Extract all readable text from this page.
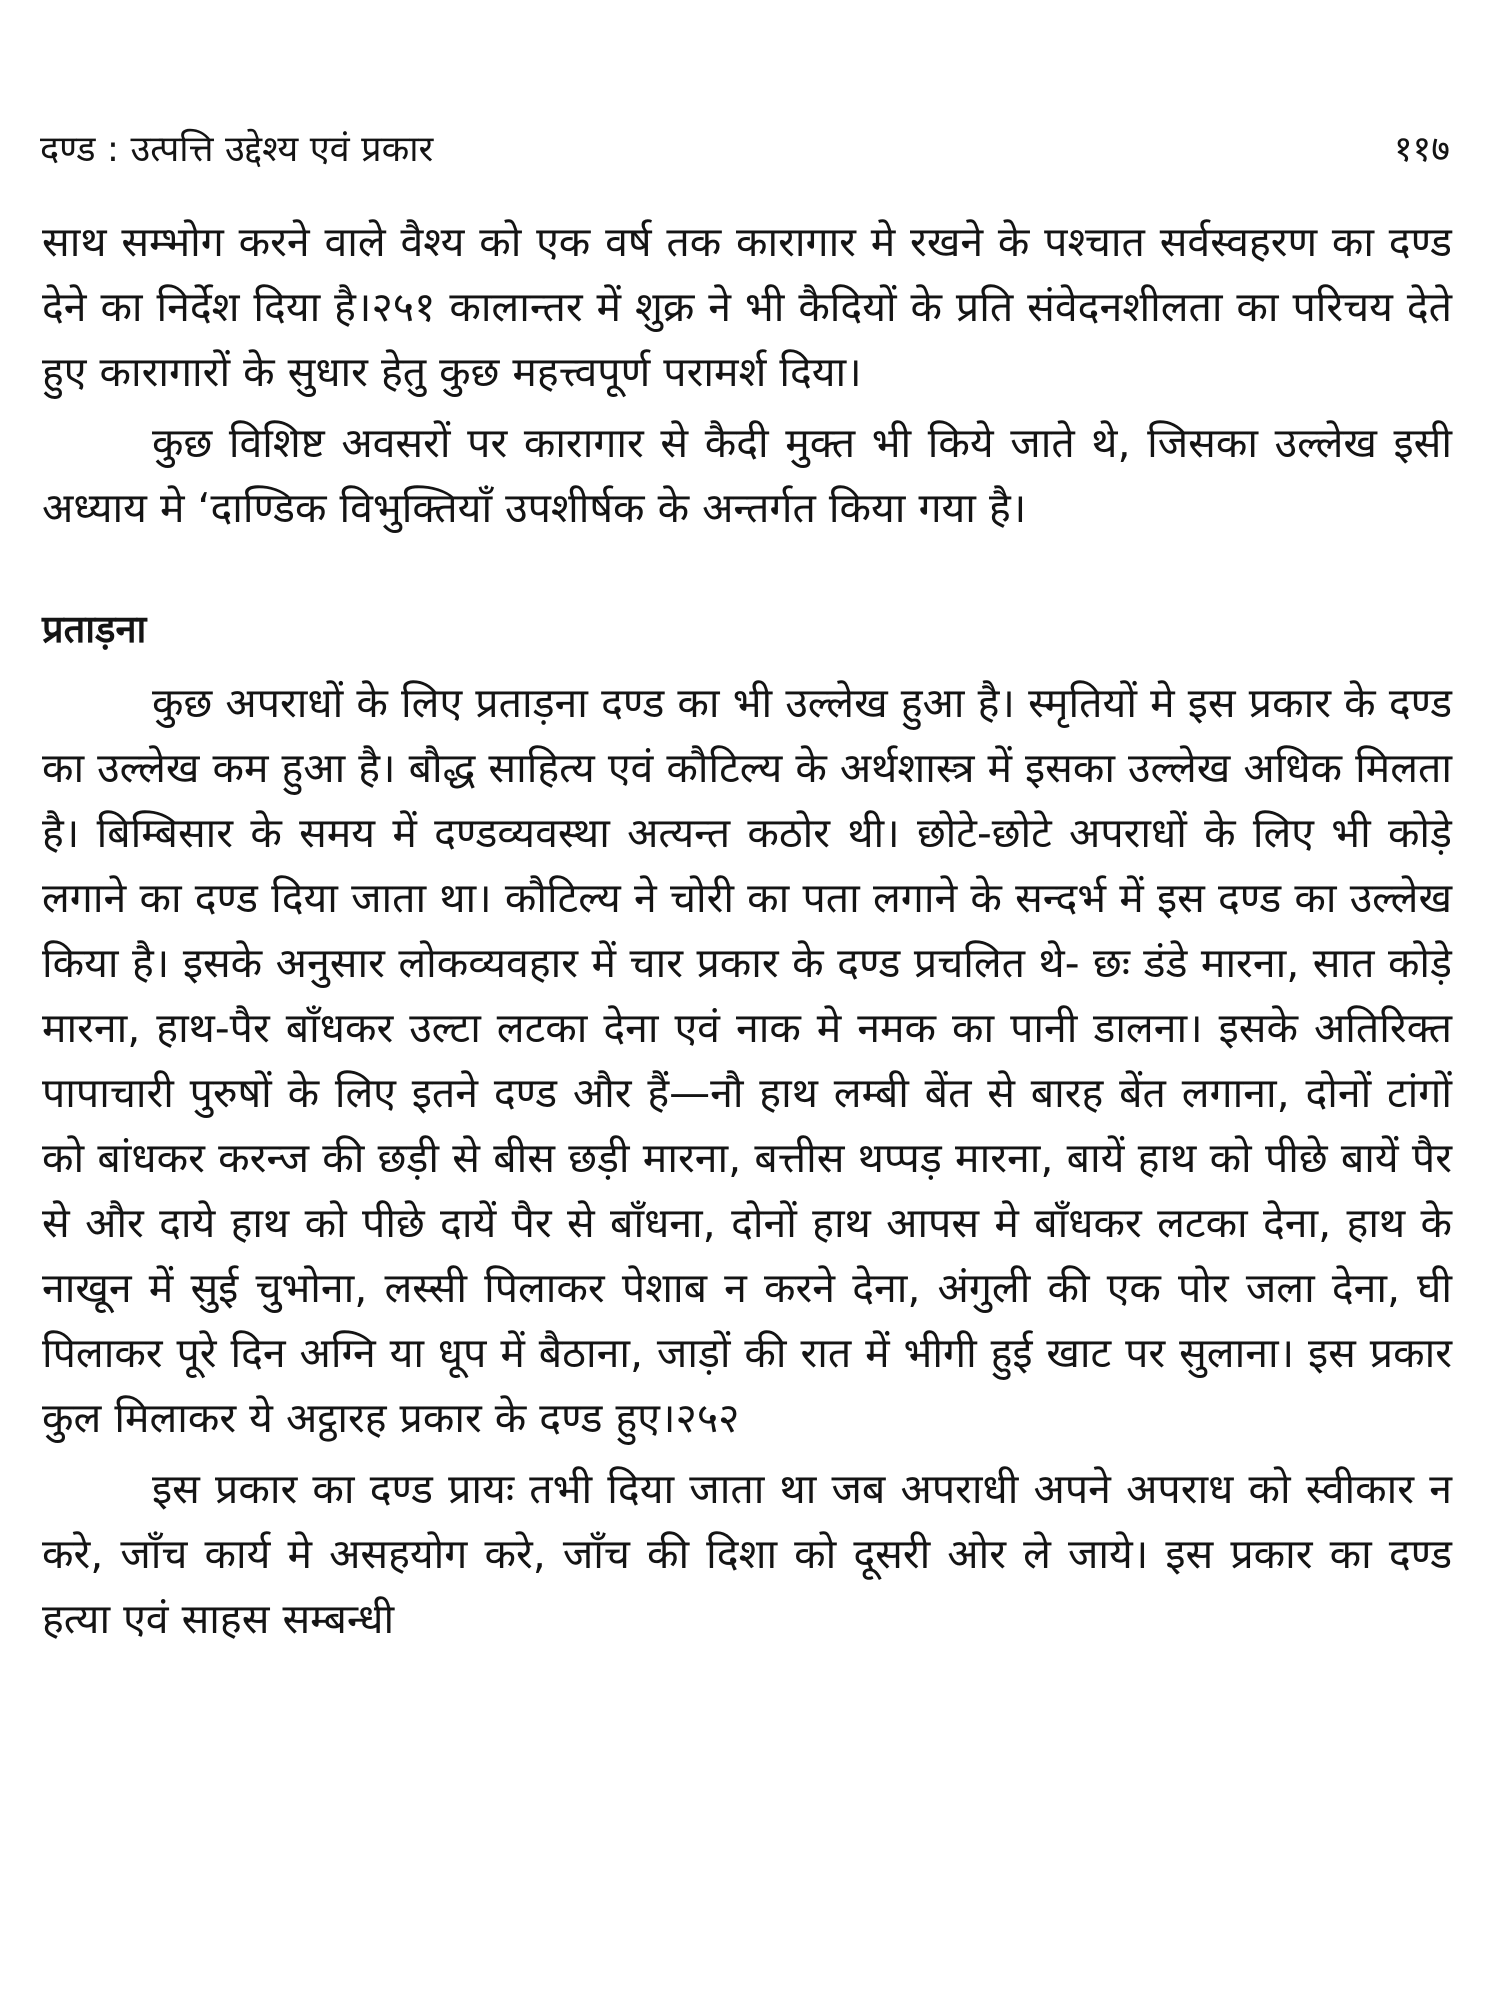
दण्ड : उत्पत्ति उद्देश्य एवं प्रकार	११७

साथ सम्भोग करने वाले वैश्य को एक वर्ष तक कारागार मे रखने के पश्चात सर्वस्वहरण का दण्ड देने का निर्देश दिया है।२५१ कालान्तर में शुक्र ने भी कैदियों के प्रति संवेदनशीलता का परिचय देते हुए कारागारों के सुधार हेतु कुछ महत्त्वपूर्ण परामर्श दिया।

कुछ विशिष्ट अवसरों पर कारागार से कैदी मुक्त भी किये जाते थे, जिसका उल्लेख इसी अध्याय मे ‘दाण्डिक विभुक्तियाँ उपशीर्षक के अन्तर्गत किया गया है।

प्रताड़ना

कुछ अपराधों के लिए प्रताड़ना दण्ड का भी उल्लेख हुआ है। स्मृतियों मे इस प्रकार के दण्ड का उल्लेख कम हुआ है। बौद्ध साहित्य एवं कौटिल्य के अर्थशास्त्र में इसका उल्लेख अधिक मिलता है। बिम्बिसार के समय में दण्डव्यवस्था अत्यन्त कठोर थी। छोटे-छोटे अपराधों के लिए भी कोड़े लगाने का दण्ड दिया जाता था। कौटिल्य ने चोरी का पता लगाने के सन्दर्भ में इस दण्ड का उल्लेख किया है। इसके अनुसार लोकव्यवहार में चार प्रकार के दण्ड प्रचलित थे- छः डंडे मारना, सात कोड़े मारना, हाथ-पैर बाँधकर उल्टा लटका देना एवं नाक मे नमक का पानी डालना। इसके अतिरिक्त पापाचारी पुरुषों के लिए इतने दण्ड और हैं—नौ हाथ लम्बी बेंत से बारह बेंत लगाना, दोनों टांगों को बांधकर करन्ज की छड़ी से बीस छड़ी मारना, बत्तीस थप्पड़ मारना, बायें हाथ को पीछे बायें पैर से और दाये हाथ को पीछे दायें पैर से बाँधना, दोनों हाथ आपस मे बाँधकर लटका देना, हाथ के नाखून में सुई चुभोना, लस्सी पिलाकर पेशाब न करने देना, अंगुली की एक पोर जला देना, घी पिलाकर पूरे दिन अग्नि या धूप में बैठाना, जाड़ों की रात में भीगी हुई खाट पर सुलाना। इस प्रकार कुल मिलाकर ये अट्ठारह प्रकार के दण्ड हुए।२५२

इस प्रकार का दण्ड प्रायः तभी दिया जाता था जब अपराधी अपने अपराध को स्वीकार न करे, जाँच कार्य मे असहयोग करे, जाँच की दिशा को दूसरी ओर ले जाये। इस प्रकार का दण्ड हत्या एवं साहस सम्बन्धी
